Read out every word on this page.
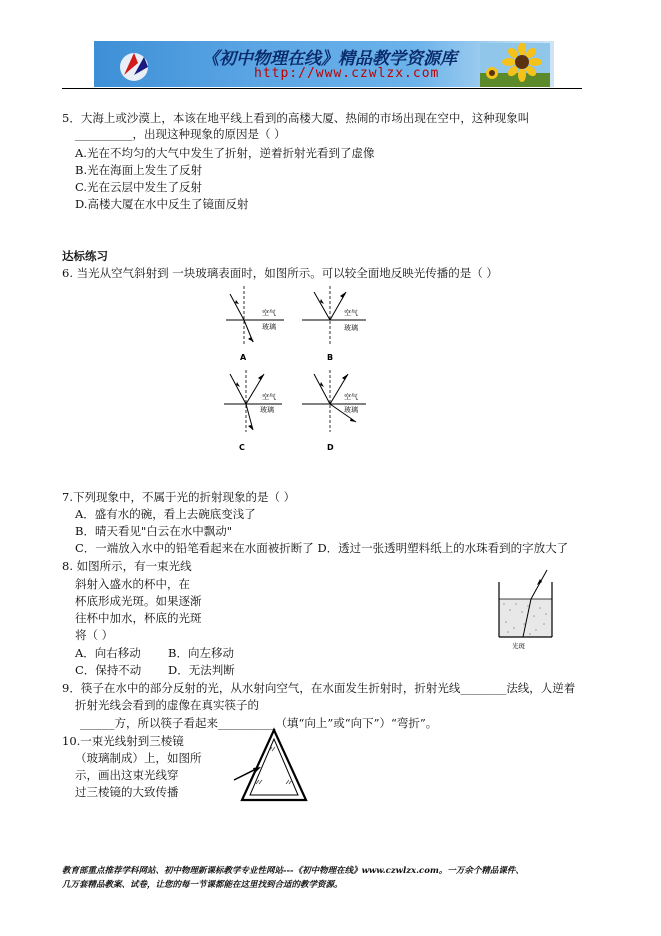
《初中物理在线》精品教学资源库
http://www.czwlzx.com
5．大海上或沙漠上，本该在地平线上看到的高楼大厦、热闹的市场出现在空中，这种现象叫
__________，出现这种现象的原因是（ ）
A.光在不均匀的大气中发生了折射，逆着折射光看到了虚像
B.光在海面上发生了反射
C.光在云层中发生了反射
D.高楼大厦在水中反生了镜面反射
达标练习
6. 当光从空气斜射到 一块玻璃表面时，如图所示。可以较全面地反映光传播的是（ ）
空气
玻璃
A
空气
玻璃
B
空气
玻璃
C
空气
玻璃
D
7.下列现象中，不属于光的折射现象的是（ ）
A．盛有水的碗，看上去碗底变浅了
B．晴天看见"白云在水中飘动"
C．一端放入水中的铅笔看起来在水面被折断了 D．透过一张透明塑料纸上的水珠看到的字放大了
8. 如图所示，有一束光线
斜射入盛水的杯中，在
杯底形成光斑。如果逐渐
往杯中加水，杯底的光斑
将（ ）
A．向右移动 B．向左移动
C．保持不动 D．无法判断
光斑
9．筷子在水中的部分反射的光，从水射向空气，在水面发生折射时，折射光线________法线，人逆着
折射光线会看到的虚像在真实筷子的
______方，所以筷子看起来__________（填“向上”或“向下”）“弯折”。
10.一束光线射到三棱镜
（玻璃制成）上，如图所
示，画出这束光线穿
过三棱镜的大致传播
教育部重点推荐学科网站、初中物理新课标教学专业性网站---《初中物理在线》www.czwlzx.com。一万余个精品课件、
几万套精品教案、试卷，让您的每一节课都能在这里找到合适的教学资源。
